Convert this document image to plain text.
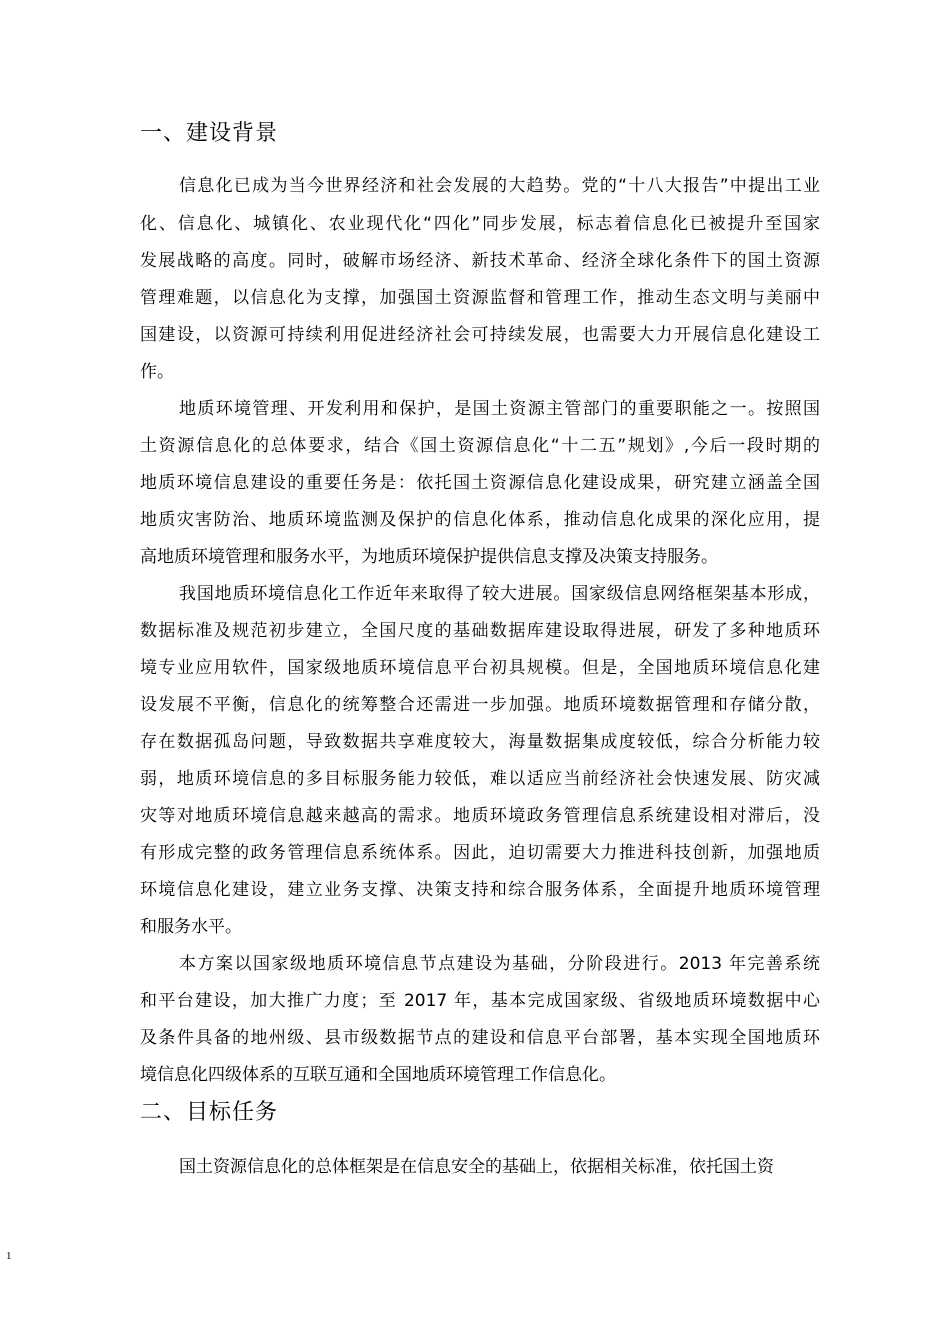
一、建设背景
信息化已成为当今世界经济和社会发展的大趋势。党的“十八大报告”中提出工业
化、信息化、城镇化、农业现代化“四化”同步发展，标志着信息化已被提升至国家
发展战略的高度。同时，破解市场经济、新技术革命、经济全球化条件下的国土资源
管理难题，以信息化为支撑，加强国土资源监督和管理工作，推动生态文明与美丽中
国建设，以资源可持续利用促进经济社会可持续发展，也需要大力开展信息化建设工
作。
地质环境管理、开发利用和保护，是国土资源主管部门的重要职能之一。按照国
土资源信息化的总体要求，结合《国土资源信息化“十二五”规划》,今后一段时期的
地质环境信息建设的重要任务是：依托国土资源信息化建设成果，研究建立涵盖全国
地质灾害防治、地质环境监测及保护的信息化体系，推动信息化成果的深化应用，提
高地质环境管理和服务水平，为地质环境保护提供信息支撑及决策支持服务。
我国地质环境信息化工作近年来取得了较大进展。国家级信息网络框架基本形成，
数据标准及规范初步建立，全国尺度的基础数据库建设取得进展，研发了多种地质环
境专业应用软件，国家级地质环境信息平台初具规模。但是，全国地质环境信息化建
设发展不平衡，信息化的统筹整合还需进一步加强。地质环境数据管理和存储分散，
存在数据孤岛问题，导致数据共享难度较大，海量数据集成度较低，综合分析能力较
弱，地质环境信息的多目标服务能力较低，难以适应当前经济社会快速发展、防灾减
灾等对地质环境信息越来越高的需求。地质环境政务管理信息系统建设相对滞后，没
有形成完整的政务管理信息系统体系。因此，迫切需要大力推进科技创新，加强地质
环境信息化建设，建立业务支撑、决策支持和综合服务体系，全面提升地质环境管理
和服务水平。
本方案以国家级地质环境信息节点建设为基础，分阶段进行。2013 年完善系统
和平台建设，加大推广力度；至 2017 年，基本完成国家级、省级地质环境数据中心
及条件具备的地州级、县市级数据节点的建设和信息平台部署，基本实现全国地质环
境信息化四级体系的互联互通和全国地质环境管理工作信息化。
二、目标任务
国土资源信息化的总体框架是在信息安全的基础上，依据相关标准，依托国土资
1
